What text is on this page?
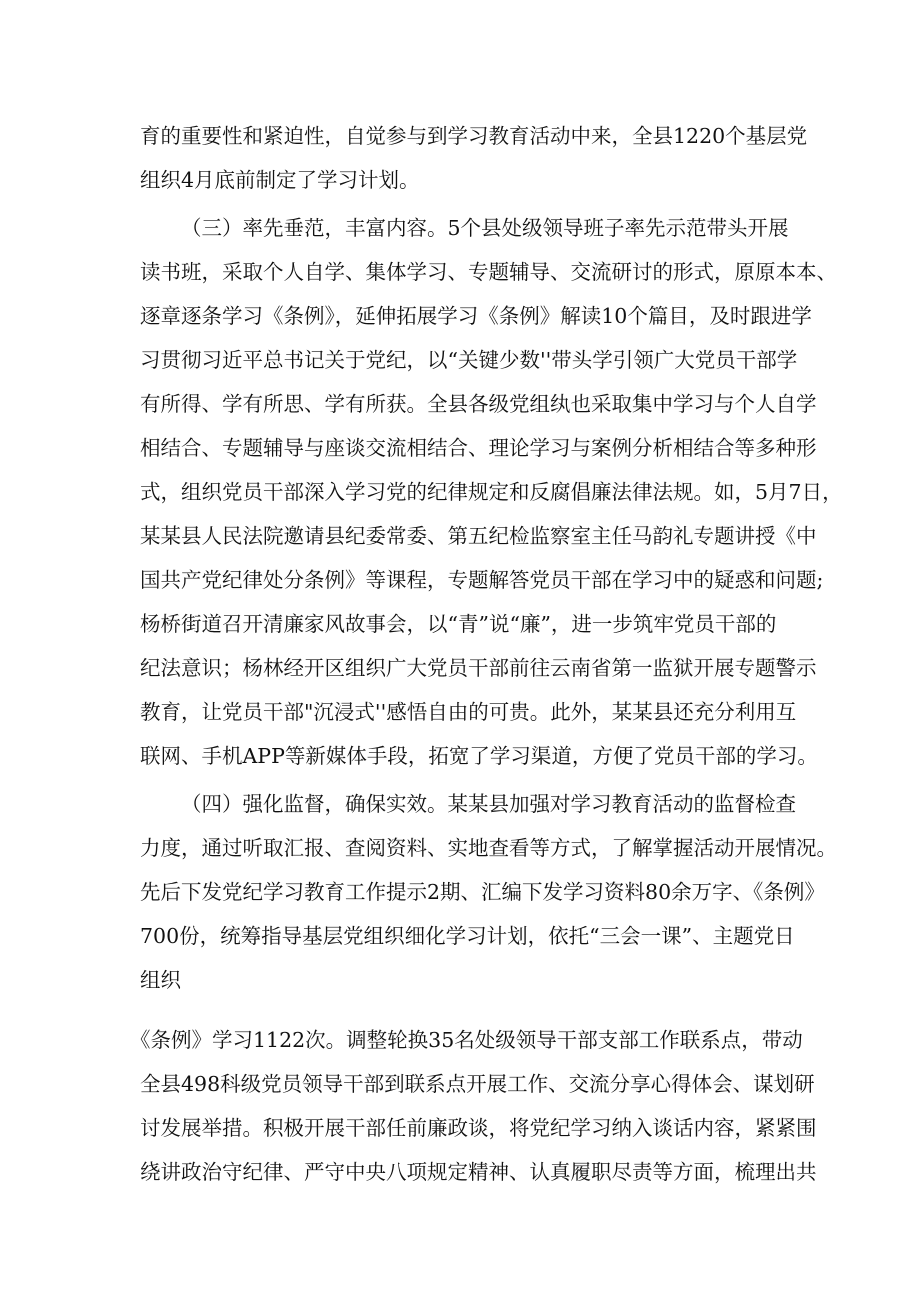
育的重要性和紧迫性，自觉参与到学习教育活动中来，全县1220个基层党
组织4月底前制定了学习计划。
（三）率先垂范，丰富内容。5个县处级领导班子率先示范带头开展
读书班，采取个人自学、集体学习、专题辅导、交流研讨的形式，原原本本、
逐章逐条学习《条例》，延伸拓展学习《条例》解读10个篇目，及时跟进学
习贯彻习近平总书记关于党纪，以“关键少数''带头学引领广大党员干部学
有所得、学有所思、学有所获。全县各级党组纨也采取集中学习与个人自学
相结合、专题辅导与座谈交流相结合、理论学习与案例分析相结合等多种形
式，组织党员干部深入学习党的纪律规定和反腐倡廉法律法规。如，5月7日，
某某县人民法院邀请县纪委常委、第五纪检监察室主任马韵礼专题讲授《中
国共产党纪律处分条例》等课程，专题解答党员干部在学习中的疑惑和问题;
杨桥街道召开清廉家风故事会，以“青”说“廉”，进一步筑牢党员干部的
纪法意识；杨林经开区组织广大党员干部前往云南省第一监狱开展专题警示
教育，让党员干部"沉浸式''感悟自由的可贵。此外，某某县还充分利用互
联网、手机APP等新媒体手段，拓宽了学习渠道，方便了党员干部的学习。
（四）强化监督，确保实效。某某县加强对学习教育活动的监督检查
力度，通过听取汇报、查阅资料、实地查看等方式，了解掌握活动开展情况。
先后下发党纪学习教育工作提示2期、汇编下发学习资料80余万字、《条例》
700份，统筹指导基层党组织细化学习计划，依托“三会一课”、主题党日
组织
《条例》学习1122次。调整轮换35名处级领导干部支部工作联系点，带动
全县498科级党员领导干部到联系点开展工作、交流分享心得体会、谋划研
讨发展举措。积极开展干部任前廉政谈，将党纪学习纳入谈话内容，紧紧围
绕讲政治守纪律、严守中央八项规定精神、认真履职尽责等方面，梳理出共
